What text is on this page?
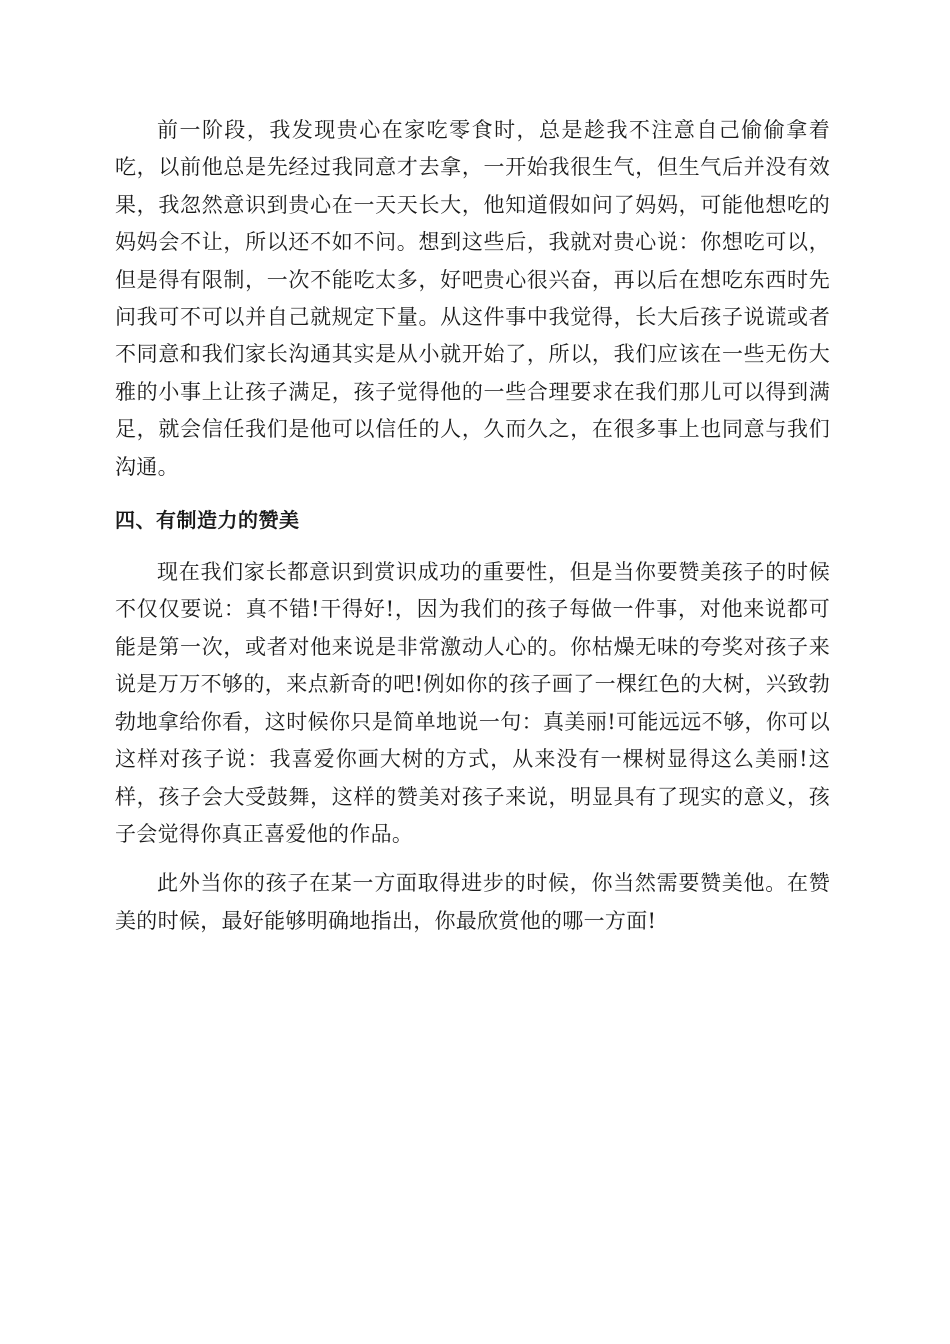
前一阶段，我发现贵心在家吃零食时，总是趁我不注意自己偷偷拿着吃，以前他总是先经过我同意才去拿，一开始我很生气，但生气后并没有效果，我忽然意识到贵心在一天天长大，他知道假如问了妈妈，可能他想吃的妈妈会不让，所以还不如不问。想到这些后，我就对贵心说：你想吃可以，但是得有限制，一次不能吃太多，好吧贵心很兴奋，再以后在想吃东西时先问我可不可以并自己就规定下量。从这件事中我觉得，长大后孩子说谎或者不同意和我们家长沟通其实是从小就开始了，所以，我们应该在一些无伤大雅的小事上让孩子满足，孩子觉得他的一些合理要求在我们那儿可以得到满足，就会信任我们是他可以信任的人，久而久之，在很多事上也同意与我们沟通。

四、有制造力的赞美

现在我们家长都意识到赏识成功的重要性，但是当你要赞美孩子的时候不仅仅要说：真不错!干得好!，因为我们的孩子每做一件事，对他来说都可能是第一次，或者对他来说是非常激动人心的。你枯燥无味的夸奖对孩子来说是万万不够的，来点新奇的吧!例如你的孩子画了一棵红色的大树，兴致勃勃地拿给你看，这时候你只是简单地说一句：真美丽!可能远远不够，你可以这样对孩子说：我喜爱你画大树的方式，从来没有一棵树显得这么美丽!这样，孩子会大受鼓舞，这样的赞美对孩子来说，明显具有了现实的意义，孩子会觉得你真正喜爱他的作品。

此外当你的孩子在某一方面取得进步的时候，你当然需要赞美他。在赞美的时候，最好能够明确地指出，你最欣赏他的哪一方面!
